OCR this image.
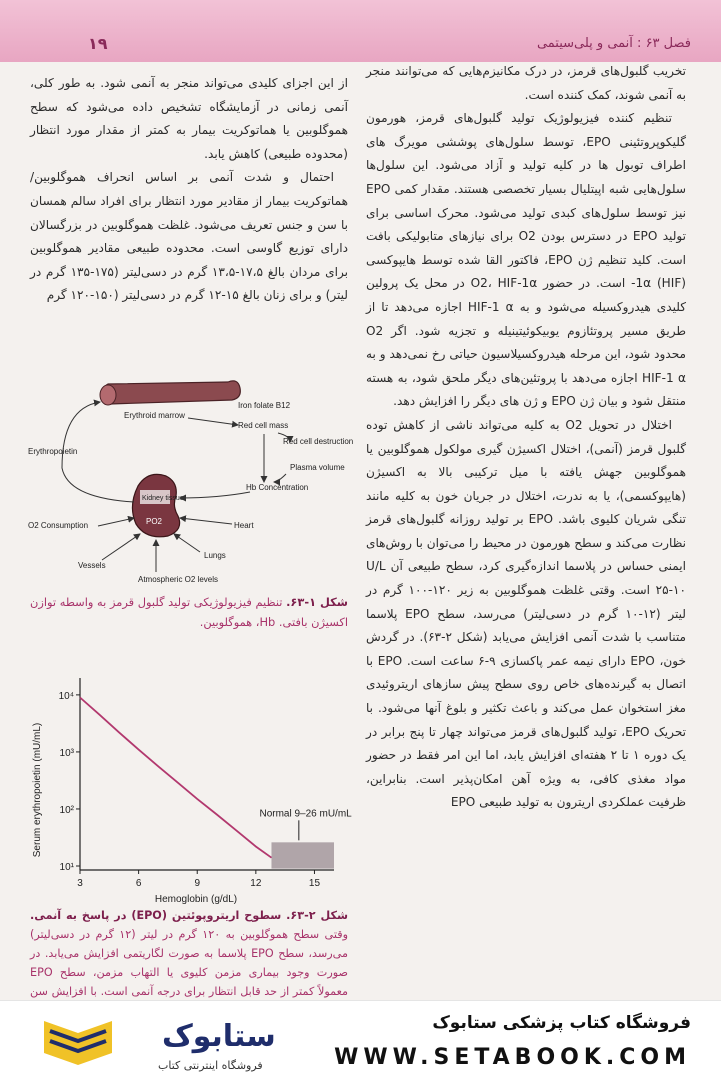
۱۹	فصل ۶۳ : آنمی و پلی‌سیتمی

تخریب گلبول‌های قرمز، در درک مکانیزم‌هایی که می‌توانند منجر به آنمی شوند، کمک کننده است.

تنظیم کننده فیزیولوژیک تولید گلبول‌های قرمز، هورمون گلیکوپروتئینی EPO، توسط سلول‌های پوششی مویرگ های اطراف توبول ها در کلیه تولید و آزاد می‌شود. این سلول‌ها سلول‌هایی شبه اپیتلیال بسیار تخصصی هستند. مقدار کمی EPO نیز توسط سلول‌های کبدی تولید می‌شود. محرک اساسی برای تولید EPO در دسترس بودن O2 برای نیازهای متابولیکی بافت است. کلید تنظیم ژن EPO، فاکتور القا شده توسط هایپوکسی (HIF) 1α- است. در حضور O2، HIF-1α در محل یک پرولین کلیدی هیدروکسیله می‌شود و به HIF-1 α اجازه می‌دهد تا از طریق مسیر پروتئازوم یوبیکوئیتینیله و تجزیه شود. اگر O2 محدود شود، این مرحله هیدروکسیلاسیون حیاتی رخ نمی‌دهد و به HIF-1 α اجازه می‌دهد با پروتئین‌های دیگر ملحق شود، به هسته منتقل شود و بیان ژن EPO و ژن های دیگر را افزایش دهد.

اختلال در تحویل O2 به کلیه می‌تواند ناشی از کاهش توده گلبول قرمز (آنمی)، اختلال اکسیژن گیری مولکول هموگلوبین یا هموگلوبین جهش یافته با میل ترکیبی بالا به اکسیژن (هایپوکسمی)، یا به ندرت، اختلال در جریان خون به کلیه مانند تنگی شریان کلیوی باشد. EPO بر تولید روزانه گلبول‌های قرمز نظارت می‌کند و سطح هورمون در محیط را می‌توان با روش‌های ایمنی حساس در پلاسما اندازه‌گیری کرد، سطح طبیعی آن U/L ۲۵-۱۰ است. وقتی غلظت هموگلوبین به زیر ۱۲۰-۱۰۰ گرم در لیتر (۱۲-۱۰ گرم در دسی‌لیتر) می‌رسد، سطح EPO پلاسما متناسب با شدت آنمی افزایش می‌یابد (شکل ۲-۶۳). در گردش خون، EPO دارای نیمه عمر پاکسازی ۹-۶ ساعت است. EPO با اتصال به گیرنده‌های خاص روی سطح پیش سازهای اریتروئیدی مغز استخوان عمل می‌کند و باعث تکثیر و بلوغ آنها می‌شود. با تحریک EPO، تولید گلبول‌های قرمز می‌تواند چهار تا پنج برابر در یک دوره ۱ تا ۲ هفته‌ای افزایش یابد، اما این امر فقط در حضور مواد مغذی کافی، به ویژه آهن امکان‌پذیر است. بنابراین، ظرفیت عملکردی اریترون به تولید طبیعی EPO

از این اجزای کلیدی می‌تواند منجر به آنمی شود. به طور کلی، آنمی زمانی در آزمایشگاه تشخیص داده می‌شود که سطح هموگلوبین یا هماتوکریت بیمار به کمتر از مقدار مورد انتظار (محدوده طبیعی) کاهش یابد.

احتمال و شدت آنمی بر اساس انحراف هموگلوبین/هماتوکریت بیمار از مقادیر مورد انتظار برای افراد سالم همسان با سن و جنس تعریف می‌شود. غلظت هموگلوبین در بزرگسالان دارای توزیع گاوسی است. محدوده طبیعی مقادیر هموگلوبین برای مردان بالغ ۱۷،۵-۱۳،۵ گرم در دسی‌لیتر (۱۷۵-۱۳۵ گرم در لیتر) و برای زنان بالغ ۱۵-۱۲ گرم در دسی‌لیتر (۱۵۰-۱۲۰ گرم

Erythroid marrow
Iron folate B12
Red cell mass
Red cell destruction
Plasma volume
Hb Concentration
Erythropoietin
Heart
O2 Consumption
Lungs
Vessels
Atmospheric O2 levels
Kidney tissue
PO2
شکل ۱-۶۳. تنظیم فیزیولوژیکی تولید گلبول قرمز به واسطه توازن اکسیژن بافتی. Hb، هموگلوبین.
Serum erythropoietin (mU/mL)
Hemoglobin (g/dL)
Normal 9–26 mU/mL
10⁴
10³
10²
10¹
3	6	9	12	15
شکل ۲-۶۳. سطوح اریتروپوئتین (EPO) در پاسخ به آنمی. وقتی سطح هموگلوبین به ۱۲۰ گرم در لیتر (۱۲ گرم در دسی‌لیتر) می‌رسد، سطح EPO پلاسما به صورت لگاریتمی افزایش می‌یابد. در صورت وجود بیماری مزمن کلیوی یا التهاب مزمن، سطح EPO معمولاً کمتر از حد قابل انتظار برای درجه آنمی است. با افزایش سن
ستابوک
فروشگاه اینترنتی کتاب
فروشگاه کتاب پزشکی ستابوک
WWW.SETABOOK.COM
